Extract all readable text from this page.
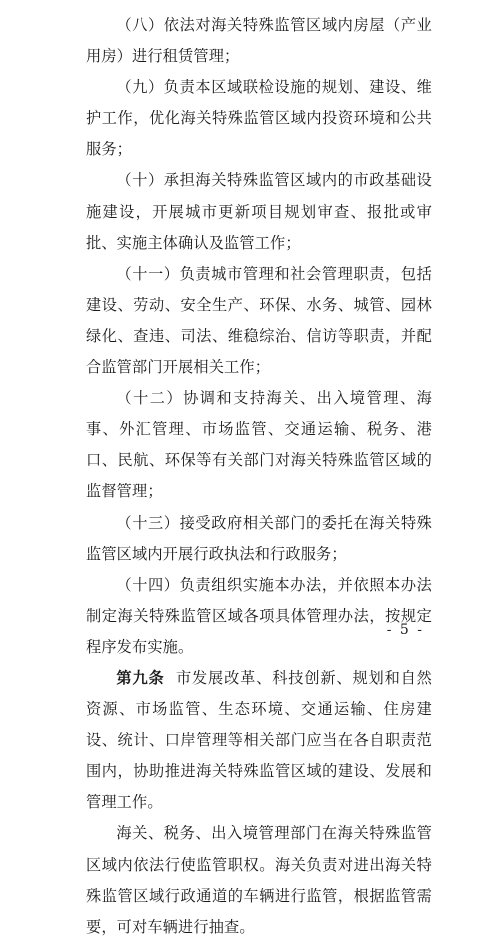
（八）依法对海关特殊监管区域内房屋（产业用房）进行租赁管理；

（九）负责本区域联检设施的规划、建设、维护工作，优化海关特殊监管区域内投资环境和公共服务；

（十）承担海关特殊监管区域内的市政基础设施建设，开展城市更新项目规划审查、报批或审批、实施主体确认及监管工作；

（十一）负责城市管理和社会管理职责，包括建设、劳动、安全生产、环保、水务、城管、园林绿化、查违、司法、维稳综治、信访等职责，并配合监管部门开展相关工作；

（十二）协调和支持海关、出入境管理、海事、外汇管理、市场监管、交通运输、税务、港口、民航、环保等有关部门对海关特殊监管区域的监督管理；

（十三）接受政府相关部门的委托在海关特殊监管区域内开展行政执法和行政服务；

（十四）负责组织实施本办法，并依照本办法制定海关特殊监管区域各项具体管理办法，按规定程序发布实施。

第九条 市发展改革、科技创新、规划和自然资源、市场监管、生态环境、交通运输、住房建设、统计、口岸管理等相关部门应当在各自职责范围内，协助推进海关特殊监管区域的建设、发展和管理工作。

海关、税务、出入境管理部门在海关特殊监管区域内依法行使监管职权。海关负责对进出海关特殊监管区域行政通道的车辆进行监管，根据监管需要，可对车辆进行抽查。

- 5 -
